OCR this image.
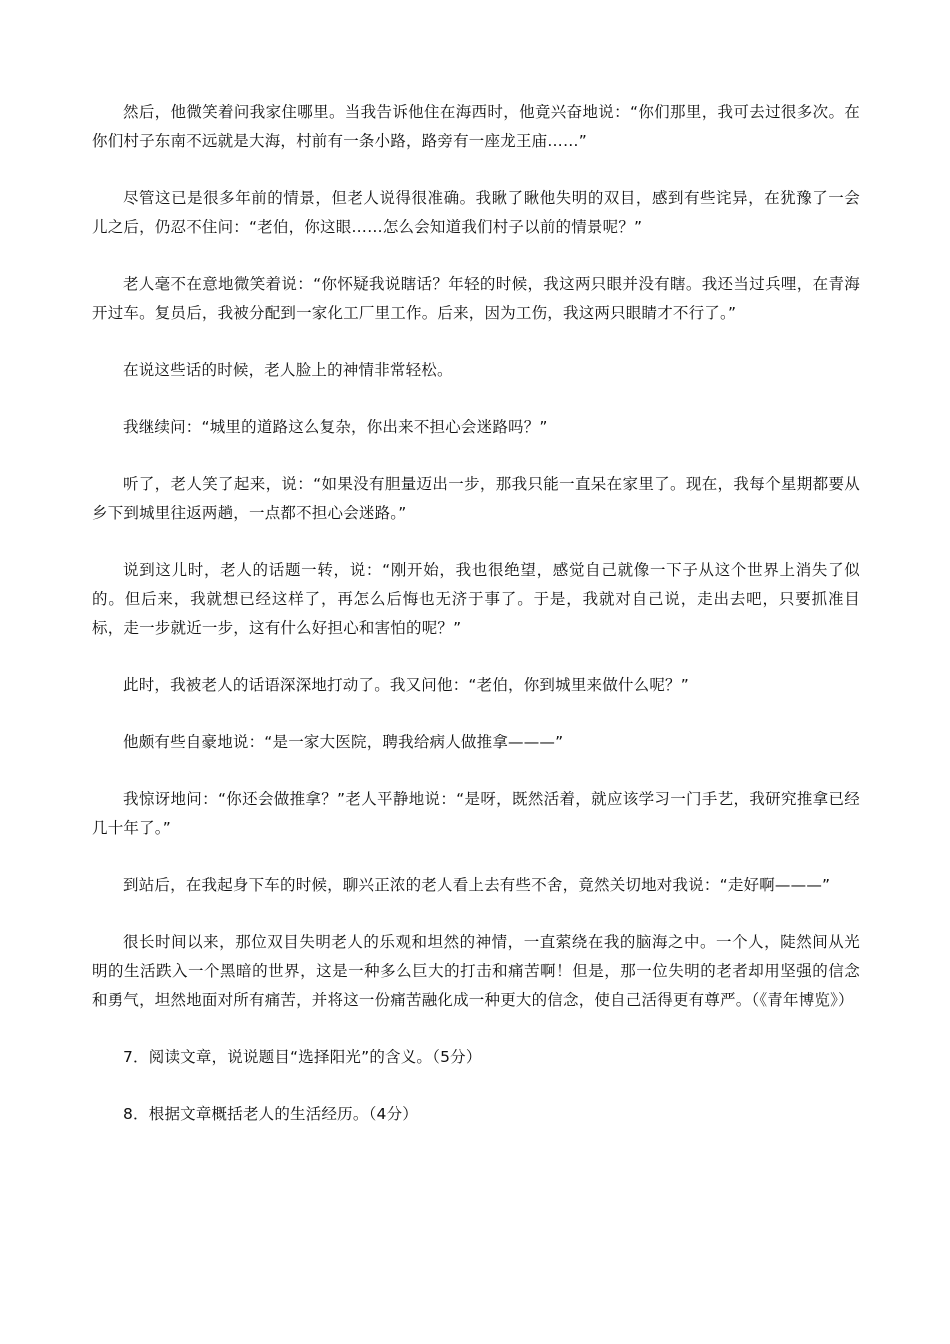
然后，他微笑着问我家住哪里。当我告诉他住在海西时，他竟兴奋地说：“你们那里，我可去过很多次。在你们村子东南不远就是大海，村前有一条小路，路旁有一座龙王庙……”

尽管这已是很多年前的情景，但老人说得很准确。我瞅了瞅他失明的双目，感到有些诧异，在犹豫了一会儿之后，仍忍不住问：“老伯，你这眼……怎么会知道我们村子以前的情景呢？”

老人毫不在意地微笑着说：“你怀疑我说瞎话？年轻的时候，我这两只眼并没有瞎。我还当过兵哩，在青海开过车。复员后，我被分配到一家化工厂里工作。后来，因为工伤，我这两只眼睛才不行了。”

在说这些话的时候，老人脸上的神情非常轻松。

我继续问：“城里的道路这么复杂，你出来不担心会迷路吗？”

听了，老人笑了起来，说：“如果没有胆量迈出一步，那我只能一直呆在家里了。现在，我每个星期都要从乡下到城里往返两趟，一点都不担心会迷路。”

说到这儿时，老人的话题一转，说：“刚开始，我也很绝望，感觉自己就像一下子从这个世界上消失了似的。但后来，我就想已经这样了，再怎么后悔也无济于事了。于是，我就对自己说，走出去吧，只要抓准目标，走一步就近一步，这有什么好担心和害怕的呢？”

此时，我被老人的话语深深地打动了。我又问他：“老伯，你到城里来做什么呢？”

他颇有些自豪地说：“是一家大医院，聘我给病人做推拿———”

我惊讶地问：“你还会做推拿？”老人平静地说：“是呀，既然活着，就应该学习一门手艺，我研究推拿已经几十年了。”

到站后，在我起身下车的时候，聊兴正浓的老人看上去有些不舍，竟然关切地对我说：“走好啊———”

很长时间以来，那位双目失明老人的乐观和坦然的神情，一直萦绕在我的脑海之中。一个人，陡然间从光明的生活跌入一个黑暗的世界，这是一种多么巨大的打击和痛苦啊！但是，那一位失明的老者却用坚强的信念和勇气，坦然地面对所有痛苦，并将这一份痛苦融化成一种更大的信念，使自己活得更有尊严。（《青年博览》）

7．阅读文章，说说题目“选择阳光”的含义。（5分）

8．根据文章概括老人的生活经历。（4分）
